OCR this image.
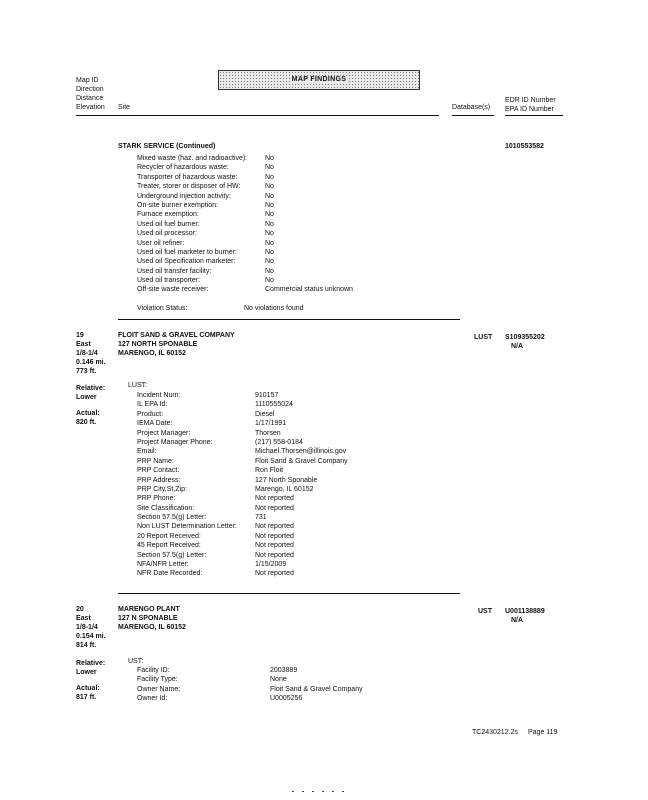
MAP FINDINGS
Map ID
Direction
Distance
Elevation Site	Database(s)
EDR ID Number
EPA ID Number
STARK SERVICE (Continued)	1010553582
Mixed waste (haz. and radioactive):	No
Recycler of hazardous waste:	No
Transporter of hazardous waste:	No
Treater, storer or disposer of HW:	No
Underground injection activity:	No
On-site burner exemption:	No
Furnace exemption:	No
Used oil fuel burner:	No
Used oil processor:	No
User oil refiner:	No
Used oil fuel marketer to burner:	No
Used oil Specification marketer:	No
Used oil transfer facility:	No
Used oil transporter:	No
Off-site waste receiver:	Commercial status unknown
Violation Status:	No violations found
19
East
1/8-1/4
0.146 mi.
773 ft.
FLOIT SAND & GRAVEL COMPANY
127 NORTH SPONABLE
MARENGO, IL 60152
LUST S109355202
N/A
Relative:
Lower
Actual:
820 ft.
LUST:
Incident Num:	910157
IL EPA Id:	1110555024
Product:	Diesel
IEMA Date:	1/17/1991
Project Manager:	Thorsen
Project Manager Phone:	(217) 558-0184
Email:	Michael.Thorsen@illinois.gov
PRP Name:	Floit Sand & Gravel Company
PRP Contact:	Ron Floit
PRP Address:	127 North Sponable
PRP City,St,Zip:	Marengo, IL 60152
PRP Phone:	Not reported
Site Classification:	Not reported
Section 57.5(g) Letter:	731
Non LUST Determination Letter:	Not reported
20 Report Received:	Not reported
45 Report Received:	Not reported
Section 57.5(g) Letter:	Not reported
NFA/NFR Letter:	1/15/2009
NFR Date Recorded:	Not reported
20
East
1/8-1/4
0.154 mi.
814 ft.
MARENGO PLANT
127 N SPONABLE
MARENGO, IL 60152
UST U001138889
N/A
Relative:
Lower
Actual:
817 ft.
UST:
Facility ID:	2003889
Facility Type:	None
Owner Name:	Floit Sand & Gravel Company
Owner Id:	U0005256
TC2430212.2s Page 119
